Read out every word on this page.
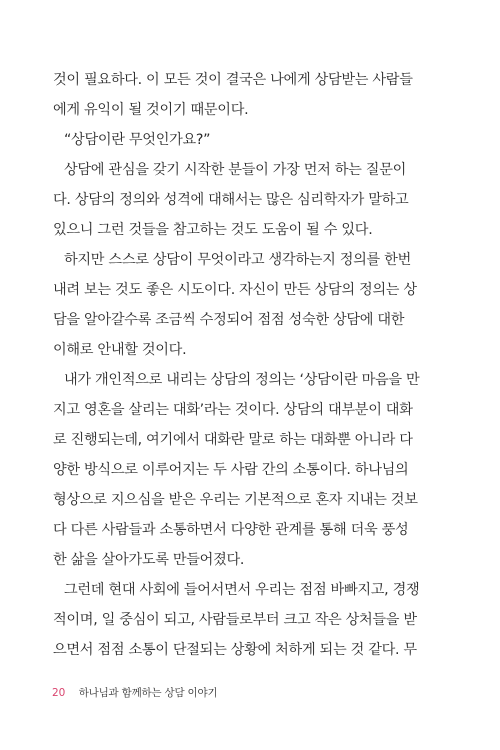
것이 필요하다. 이 모든 것이 결국은 나에게 상담받는 사람들
에게 유익이 될 것이기 때문이다.
“상담이란 무엇인가요?”
상담에 관심을 갖기 시작한 분들이 가장 먼저 하는 질문이
다. 상담의 정의와 성격에 대해서는 많은 심리학자가 말하고
있으니 그런 것들을 참고하는 것도 도움이 될 수 있다.
하지만 스스로 상담이 무엇이라고 생각하는지 정의를 한번
내려 보는 것도 좋은 시도이다. 자신이 만든 상담의 정의는 상
담을 알아갈수록 조금씩 수정되어 점점 성숙한 상담에 대한
이해로 안내할 것이다.
내가 개인적으로 내리는 상담의 정의는 ‘상담이란 마음을 만
지고 영혼을 살리는 대화’라는 것이다. 상담의 대부분이 대화
로 진행되는데, 여기에서 대화란 말로 하는 대화뿐 아니라 다
양한 방식으로 이루어지는 두 사람 간의 소통이다. 하나님의
형상으로 지으심을 받은 우리는 기본적으로 혼자 지내는 것보
다 다른 사람들과 소통하면서 다양한 관계를 통해 더욱 풍성
한 삶을 살아가도록 만들어졌다.
그런데 현대 사회에 들어서면서 우리는 점점 바빠지고, 경쟁
적이며, 일 중심이 되고, 사람들로부터 크고 작은 상처들을 받
으면서 점점 소통이 단절되는 상황에 처하게 되는 것 같다. 무
20 하나님과 함께하는 상담 이야기
